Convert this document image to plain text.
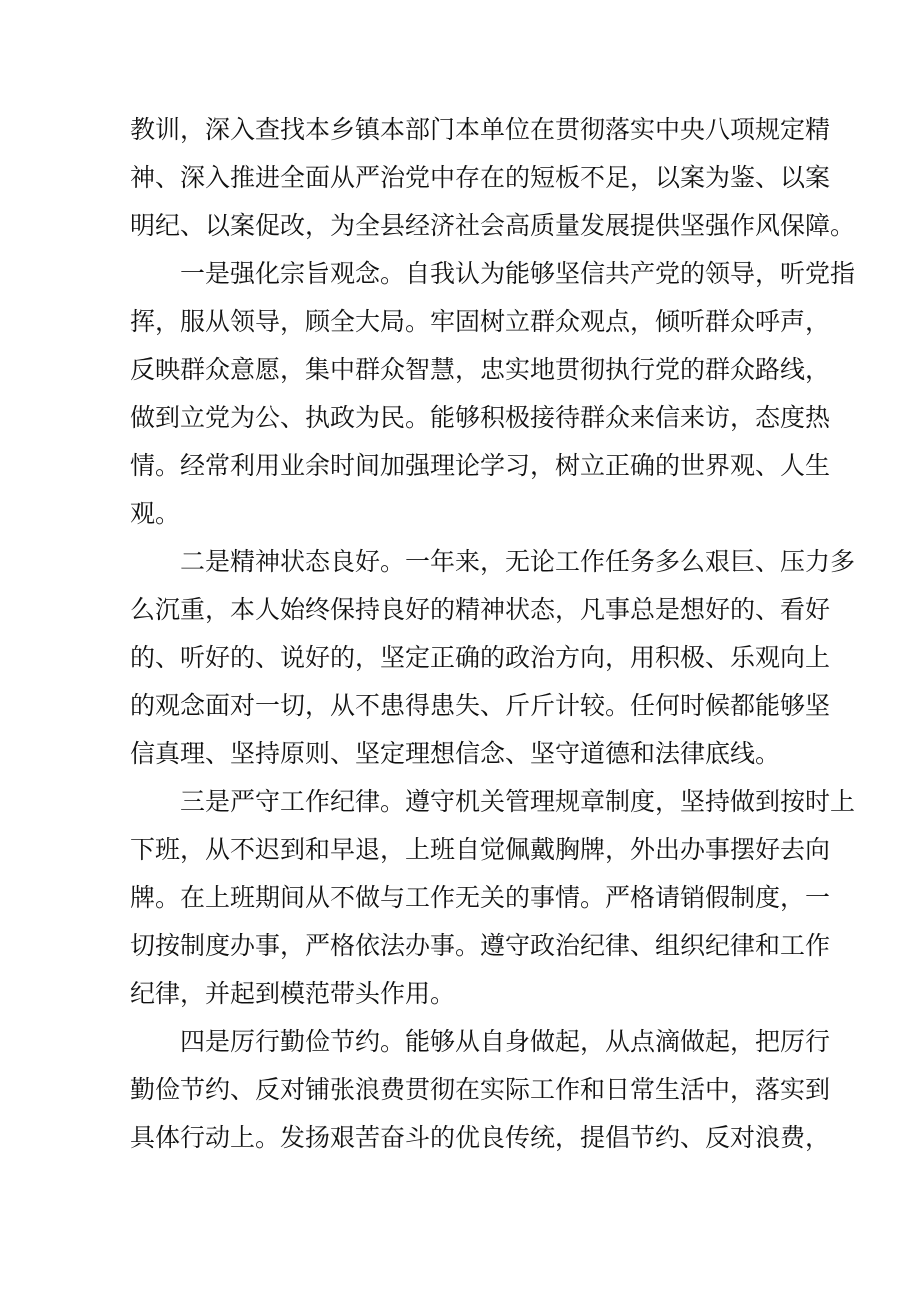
教训，深入查找本乡镇本部门本单位在贯彻落实中央八项规定精
神、深入推进全面从严治党中存在的短板不足，以案为鉴、以案
明纪、以案促改，为全县经济社会高质量发展提供坚强作风保障。
一是强化宗旨观念。自我认为能够坚信共产党的领导，听党指
挥，服从领导，顾全大局。牢固树立群众观点，倾听群众呼声，
反映群众意愿，集中群众智慧，忠实地贯彻执行党的群众路线，
做到立党为公、执政为民。能够积极接待群众来信来访，态度热
情。经常利用业余时间加强理论学习，树立正确的世界观、人生
观。
二是精神状态良好。一年来，无论工作任务多么艰巨、压力多
么沉重，本人始终保持良好的精神状态，凡事总是想好的、看好
的、听好的、说好的，坚定正确的政治方向，用积极、乐观向上
的观念面对一切，从不患得患失、斤斤计较。任何时候都能够坚
信真理、坚持原则、坚定理想信念、坚守道德和法律底线。
三是严守工作纪律。遵守机关管理规章制度，坚持做到按时上
下班，从不迟到和早退，上班自觉佩戴胸牌，外出办事摆好去向
牌。在上班期间从不做与工作无关的事情。严格请销假制度，一
切按制度办事，严格依法办事。遵守政治纪律、组织纪律和工作
纪律，并起到模范带头作用。
四是厉行勤俭节约。能够从自身做起，从点滴做起，把厉行
勤俭节约、反对铺张浪费贯彻在实际工作和日常生活中，落实到
具体行动上。发扬艰苦奋斗的优良传统，提倡节约、反对浪费，
